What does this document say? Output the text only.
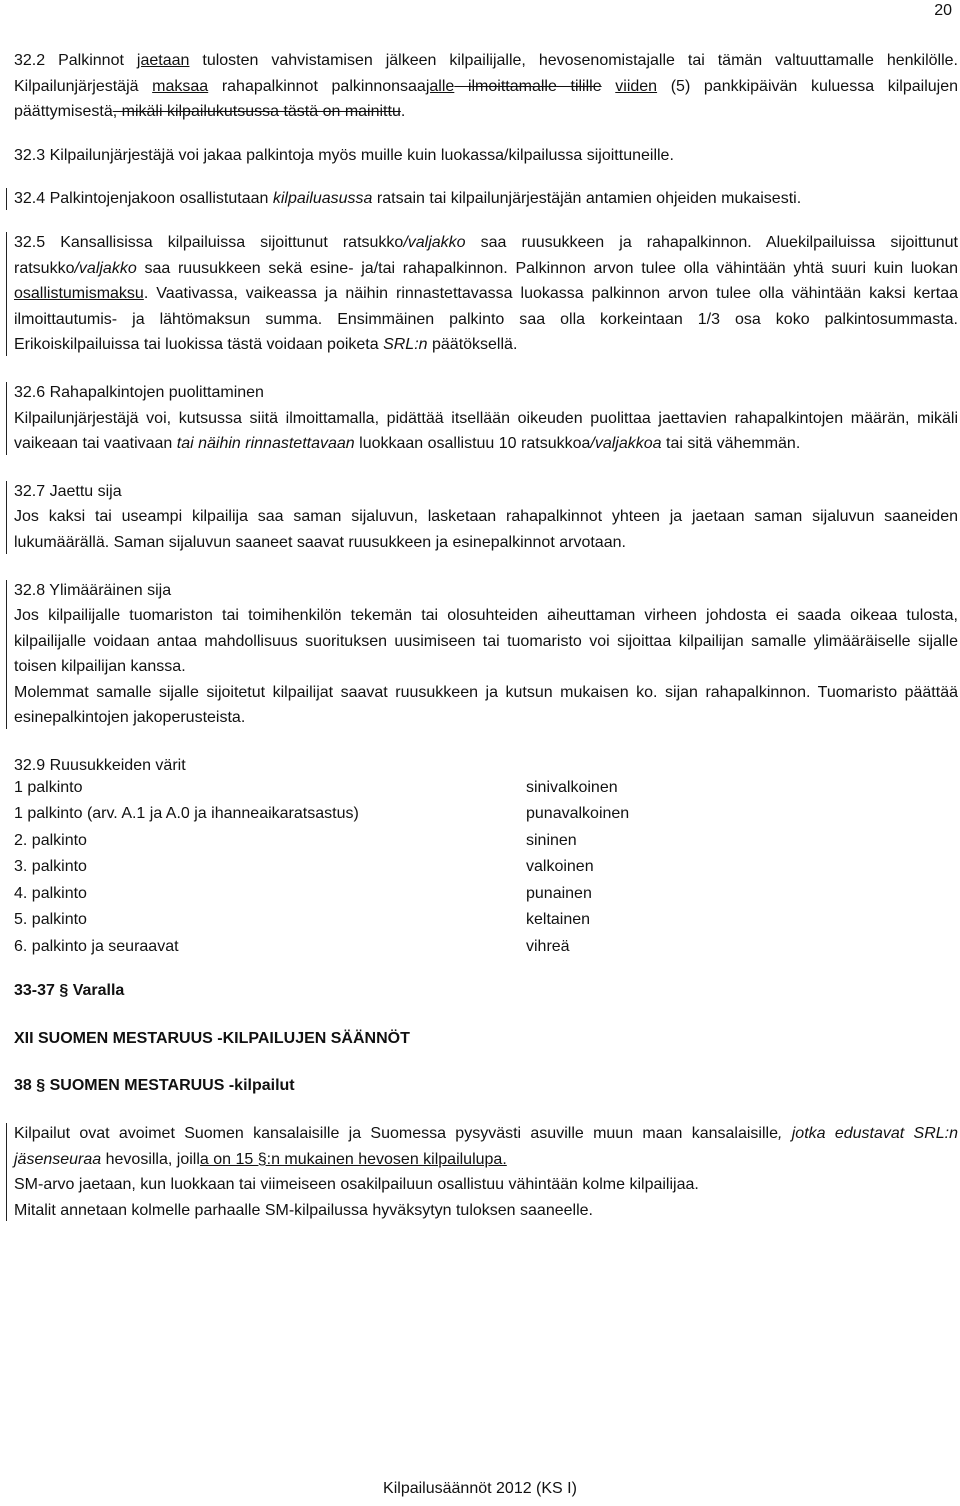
20

32.2 Palkinnot jaetaan tulosten vahvistamisen jälkeen kilpailijalle, hevosenomistajalle tai tämän valtuuttamalle henkilölle. Kilpailunjärjestäjä maksaa rahapalkinnot palkinnonsaajalle ilmoittamalle tilille viiden (5) pankkipäivän kuluessa kilpailujen päättymisestä, mikäli kilpailukutsussa tästä on mainittu.

32.3 Kilpailunjärjestäjä voi jakaa palkintoja myös muille kuin luokassa/kilpailussa sijoittuneille.

32.4 Palkintojenjakoon osallistutaan kilpailuasussa ratsain tai kilpailunjärjestäjän antamien ohjeiden mukaisesti.

32.5 Kansallisissa kilpailuissa sijoittunut ratsukko/valjakko saa ruusukkeen ja rahapalkinnon. Aluekilpailuissa sijoittunut ratsukko/valjakko saa ruusukkeen sekä esine- ja/tai rahapalkinnon. Palkinnon arvon tulee olla vähintään yhtä suuri kuin luokan osallistumismaksu. Vaativassa, vaikeassa ja näihin rinnastettavassa luokassa palkinnon arvon tulee olla vähintään kaksi kertaa ilmoittautumis- ja lähtömaksun summa. Ensimmäinen palkinto saa olla korkeintaan 1/3 osa koko palkintosummasta. Erikoiskilpailuissa tai luokissa tästä voidaan poiketa SRL:n päätöksellä.

32.6 Rahapalkintojen puolittaminen

Kilpailunjärjestäjä voi, kutsussa siitä ilmoittamalla, pidättää itsellään oikeuden puolittaa jaettavien rahapalkintojen määrän, mikäli vaikeaan tai vaativaan tai näihin rinnastettavaan luokkaan osallistuu 10 ratsukkoa/valjakkoa tai sitä vähemmän.

32.7 Jaettu sija

Jos kaksi tai useampi kilpailija saa saman sijaluvun, lasketaan rahapalkinnot yhteen ja jaetaan saman sijaluvun saaneiden lukumäärällä. Saman sijaluvun saaneet saavat ruusukkeen ja esinepalkinnot arvotaan.

32.8 Ylimääräinen sija

Jos kilpailijalle tuomariston tai toimihenkilön tekemän tai olosuhteiden aiheuttaman virheen johdosta ei saada oikeaa tulosta, kilpailijalle voidaan antaa mahdollisuus suorituksen uusimiseen tai tuomaristo voi sijoittaa kilpailijan samalle ylimääräiselle sijalle toisen kilpailijan kanssa.

Molemmat samalle sijalle sijoitetut kilpailijat saavat ruusukkeen ja kutsun mukaisen ko. sijan rahapalkinnon. Tuomaristo päättää esinepalkintojen jakoperusteista.

32.9 Ruusukkeiden värit

1 palkinto	sinivalkoinen
1 palkinto (arv. A.1 ja A.0 ja ihanneaikaratsastus)	punavalkoinen
2. palkinto	sininen
3. palkinto	valkoinen
4. palkinto	punainen
5. palkinto	keltainen
6. palkinto ja seuraavat	vihreä

33-37 § Varalla

XII SUOMEN MESTARUUS -KILPAILUJEN SÄÄNNÖT

38 § SUOMEN MESTARUUS -kilpailut

Kilpailut ovat avoimet Suomen kansalaisille ja Suomessa pysyvästi asuville muun maan kansalaisille, jotka edustavat SRL:n jäsenseuraa hevosilla, joilla on 15 §:n mukainen hevosen kilpailulupa.

SM-arvo jaetaan, kun luokkaan tai viimeiseen osakilpailuun osallistuu vähintään kolme kilpailijaa.

Mitalit annetaan kolmelle parhaalle SM-kilpailussa hyväksytyn tuloksen saaneelle.

Kilpailusäännöt 2012 (KS I)
